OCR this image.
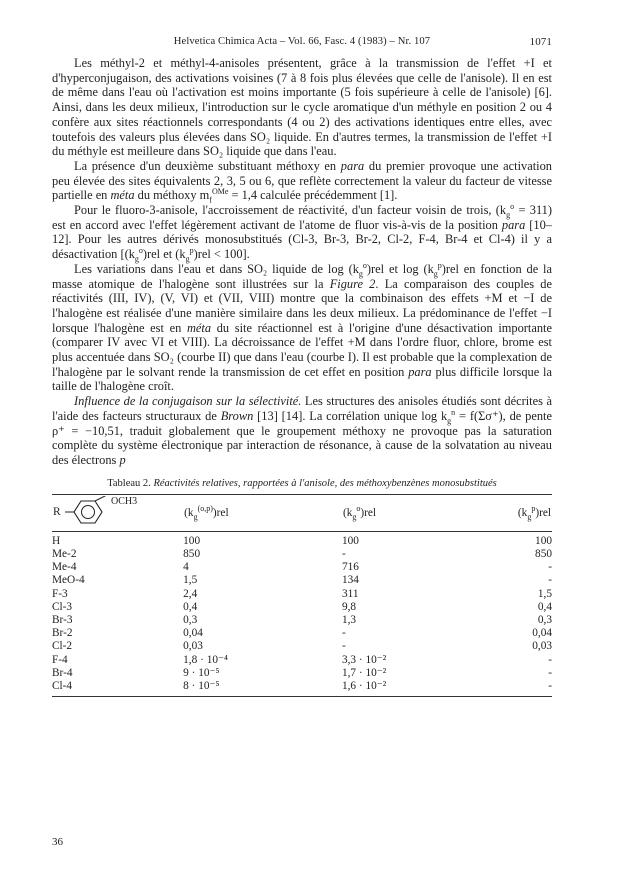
Helvetica Chimica Acta – Vol. 66, Fasc. 4 (1983) – Nr. 107	1071

Les méthyl-2 et méthyl-4-anisoles présentent, grâce à la transmission de l'effet +I et d'hyperconjugaison, des activations voisines (7 à 8 fois plus élevées que celle de l'anisole). Il en est de même dans l'eau où l'activation est moins importante (5 fois supérieure à celle de l'anisole) [6]. Ainsi, dans les deux milieux, l'introduction sur le cycle aromatique d'un méthyle en position 2 ou 4 confère aux sites réactionnels correspondants (4 ou 2) des activations identiques entre elles, avec toutefois des valeurs plus élevées dans SO₂ liquide. En d'autres termes, la transmission de l'effet +I du méthyle est meilleure dans SO₂ liquide que dans l'eau.

La présence d'un deuxième substituant méthoxy en para du premier provoque une activation peu élevée des sites équivalents 2, 3, 5 ou 6, que reflète correctement la valeur du facteur de vitesse partielle en méta du méthoxy $m_f^{OMe} = 1,4$ calculée précédemment [1].

Pour le fluoro-3-anisole, l'accroissement de réactivité, d'un facteur voisin de trois, $(k_g^o = 311)$ est en accord avec l'effet légèrement activant de l'atome de fluor vis-à-vis de la position para [10–12]. Pour les autres dérivés monosubstitués (Cl-3, Br-3, Br-2, Cl-2, F-4, Br-4 et Cl-4) il y a désactivation [$(k_g^o)rel$ et $(k_g^p)rel < 100$].

Les variations dans l'eau et dans SO₂ liquide de $\log (k_g^o)rel$ et $\log (k_g^p)rel$ en fonction de la masse atomique de l'halogène sont illustrées sur la Figure 2. La comparaison des couples de réactivités (III, IV), (V, VI) et (VII, VIII) montre que la combinaison des effets +M et −I de l'halogène est réalisée d'une manière similaire dans les deux milieux. La prédominance de l'effet −I lorsque l'halogène est en méta du site réactionnel est à l'origine d'une désactivation importante (comparer IV avec VI et VIII). La décroissance de l'effet +M dans l'ordre fluor, chlore, brome est plus accentuée dans SO₂ (courbe II) que dans l'eau (courbe I). Il est probable que la complexation de l'halogène par le solvant rende la transmission de cet effet en position para plus difficile lorsque la taille de l'halogène croît.

Influence de la conjugaison sur la sélectivité. Les structures des anisoles étudiés sont décrites à l'aide des facteurs structuraux de Brown [13] [14]. La corrélation unique $\log k_g^n = f(\Sigma\sigma^+)$, de pente ρ⁺ = −10,51, traduit globalement que le groupement méthoxy ne provoque pas la saturation complète du système électronique par interaction de résonance, à cause de la solvatation au niveau des électrons p

Tableau 2. Réactivités relatives, rapportées à l'anisole, des méthoxybenzènes monosubstitués
R
OCH3	$(k_g^{(o,p)})rel$	$(k_g^o)rel$	$(k_g^p)rel$
H	100	100	100
Me-2	850	-	850
Me-4	4	716	-
MeO-4	1,5	134	-
F-3	2,4	311	1,5
Cl-3	0,4	9,8	0,4
Br-3	0,3	1,3	0,3
Br-2	0,04	-	0,04
Cl-2	0,03	-	0,03
F-4	1,8 · 10⁻⁴	3,3 · 10⁻²	-
Br-4	9 · 10⁻⁵	1,7 · 10⁻²	-
Cl-4	8 · 10⁻⁵	1,6 · 10⁻²	-
36
